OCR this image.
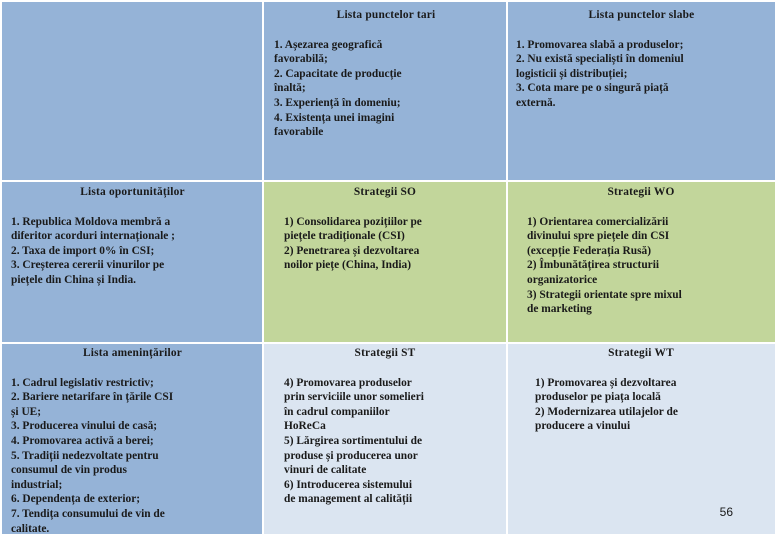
Lista punctelor tari
1. Așezarea geografică
favorabilă;
2. Capacitate de producție
înaltă;
3. Experiență în domeniu;
4. Existența unei imagini
favorabile
Lista punctelor slabe
1. Promovarea slabă a produselor;
2. Nu există specialiști în domeniul
logisticii și distribuției;
3. Cota mare pe o singură piață
externă.
Lista oportunităților
1. Republica Moldova membră a
diferitor acorduri internaționale ;
2. Taxa de import 0% în CSI;
3. Creșterea cererii vinurilor pe
piețele din China și India.
Strategii SO
1) Consolidarea pozițiilor pe
piețele tradiționale (CSI)
2) Penetrarea și dezvoltarea
noilor piețe (China, India)
Strategii WO
1) Orientarea comercializării
divinului spre piețele din CSI
(excepție Federația Rusă)
2) Îmbunătățirea structurii
organizatorice
3) Strategii orientate spre mixul
de marketing
Lista amenințărilor
1. Cadrul legislativ restrictiv;
2. Bariere netarifare în țările CSI
și UE;
3. Producerea vinului de casă;
4. Promovarea activă a berei;
5. Tradiții nedezvoltate pentru
consumul de vin produs
industrial;
6. Dependența de exterior;
7. Tendița consumului de vin de
calitate.
Strategii ST
4) Promovarea produselor
prin serviciile unor somelieri
în cadrul companiilor
HoReCa
5) Lărgirea sortimentului de
produse și producerea unor
vinuri de calitate
6) Introducerea sistemului
de management al calității
Strategii WT
1) Promovarea și dezvoltarea
produselor pe piața locală
2) Modernizarea utilajelor de
producere a vinului
56
